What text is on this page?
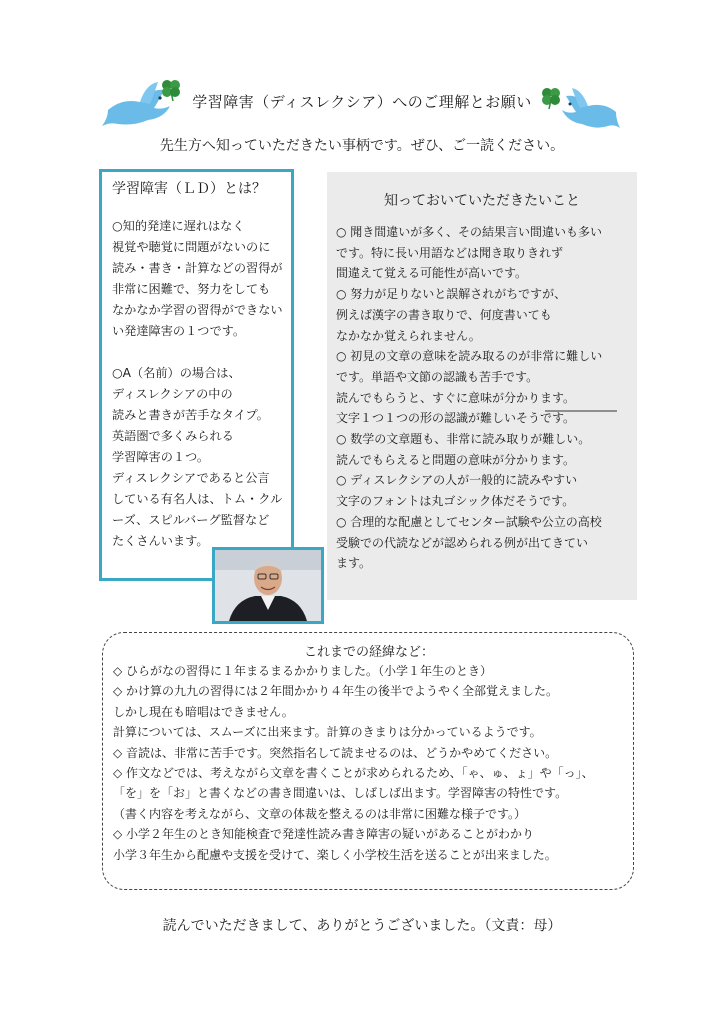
学習障害（ディスレクシア）へのご理解とお願い
先生方へ知っていただきたい事柄です。ぜひ、ご一読ください。
学習障害（ＬＤ）とは？
○知的発達に遅れはなく
視覚や聴覚に問題がないのに
読み・書き・計算などの習得が
非常に困難で、努力をしても
なかなか学習の習得ができない
い発達障害の１つです。

○A（名前）の場合は、
ディスレクシアの中の
読みと書きが苦手なタイプ。
英語圏で多くみられる
学習障害の１つ。
ディスレクシアであると公言
している有名人は、トム・クル
ーズ、スピルバーグ監督など
たくさんいます。
知っておいていただきたいこと
○ 聞き間違いが多く、その結果言い間違いも多い
です。特に長い用語などは聞き取りきれず
間違えて覚える可能性が高いです。
○ 努力が足りないと誤解されがちですが、
例えば漢字の書き取りで、何度書いても
なかなか覚えられません。
○ 初見の文章の意味を読み取るのが非常に難しい
です。単語や文節の認識も苦手です。
読んでもらうと、すぐに意味が分かります。
文字１つ１つの形の認識が難しいそうです。
○ 数学の文章題も、非常に読み取りが難しい。
読んでもらえると問題の意味が分かります。
○ ディスレクシアの人が一般的に読みやすい
文字のフォントは丸ゴシック体だそうです。
○ 合理的な配慮としてセンター試験や公立の高校
受験での代読などが認められる例が出てきてい
ます。
これまでの経緯など：
◇ ひらがなの習得に１年まるまるかかりました。（小学１年生のとき）
◇ かけ算の九九の習得には２年間かかり４年生の後半でようやく全部覚えました。
しかし現在も暗唱はできません。
計算については、スムーズに出来ます。計算のきまりは分かっているようです。
◇ 音読は、非常に苦手です。突然指名して読ませるのは、どうかやめてください。
◇ 作文などでは、考えながら文章を書くことが求められるため、「ゃ、ゅ、ょ」や「っ」、
「を」を「お」と書くなどの書き間違いは、しばしば出ます。学習障害の特性です。
（書く内容を考えながら、文章の体裁を整えるのは非常に困難な様子です。）
◇ 小学２年生のとき知能検査で発達性読み書き障害の疑いがあることがわかり
小学３年生から配慮や支援を受けて、楽しく小学校生活を送ることが出来ました。
読んでいただきまして、ありがとうございました。（文責：母）
